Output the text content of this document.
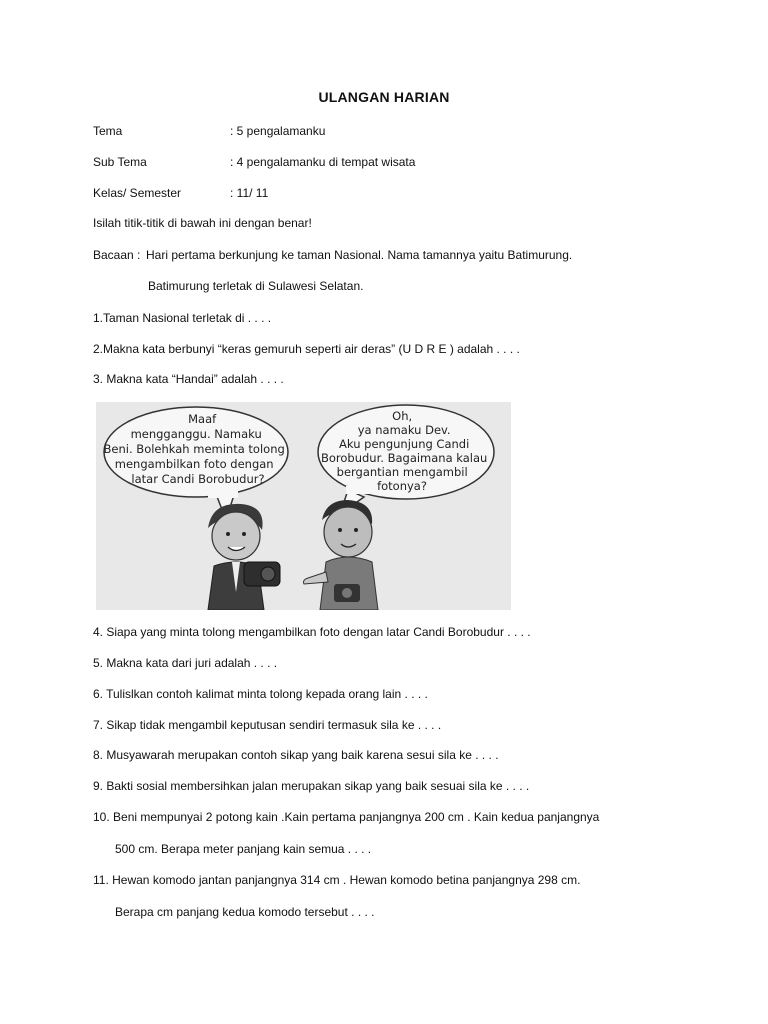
ULANGAN HARIAN
Tema	: 5 pengalamanku
Sub Tema	: 4 pengalamanku di tempat wisata
Kelas/ Semester	: 11/ 11
Isilah titik-titik di bawah ini dengan benar!
Bacaan : Hari pertama berkunjung ke taman Nasional. Nama tamannya yaitu Batimurung.
Batimurung terletak di Sulawesi Selatan.
1.Taman Nasional terletak di . . . .
2.Makna kata berbunyi “keras gemuruh seperti air deras” (U D R E ) adalah . . . .
3. Makna kata “Handai” adalah . . . .
Maaf mengganggu. Namaku Beni. Bolehkah meminta tolong mengambilkan foto dengan latar Candi Borobudur?
Oh, ya namaku Dev. Aku pengunjung Candi Borobudur. Bagaimana kalau bergantian mengambil fotonya?
4. Siapa yang minta tolong mengambilkan foto dengan latar Candi Borobudur . . . .
5. Makna kata dari juri adalah . . . .
6. Tulislkan contoh kalimat minta tolong kepada orang lain . . . .
7. Sikap tidak mengambil keputusan sendiri termasuk sila ke . . . .
8. Musyawarah merupakan contoh sikap yang baik karena sesui sila ke . . . .
9. Bakti sosial membersihkan jalan merupakan sikap yang baik sesuai sila ke . . . .
10. Beni mempunyai 2 potong kain .Kain pertama panjangnya 200 cm . Kain kedua panjangnya
500 cm. Berapa meter panjang kain semua . . . .
11. Hewan komodo jantan panjangnya 314 cm . Hewan komodo betina panjangnya 298 cm.
Berapa cm panjang kedua komodo tersebut . . . .
